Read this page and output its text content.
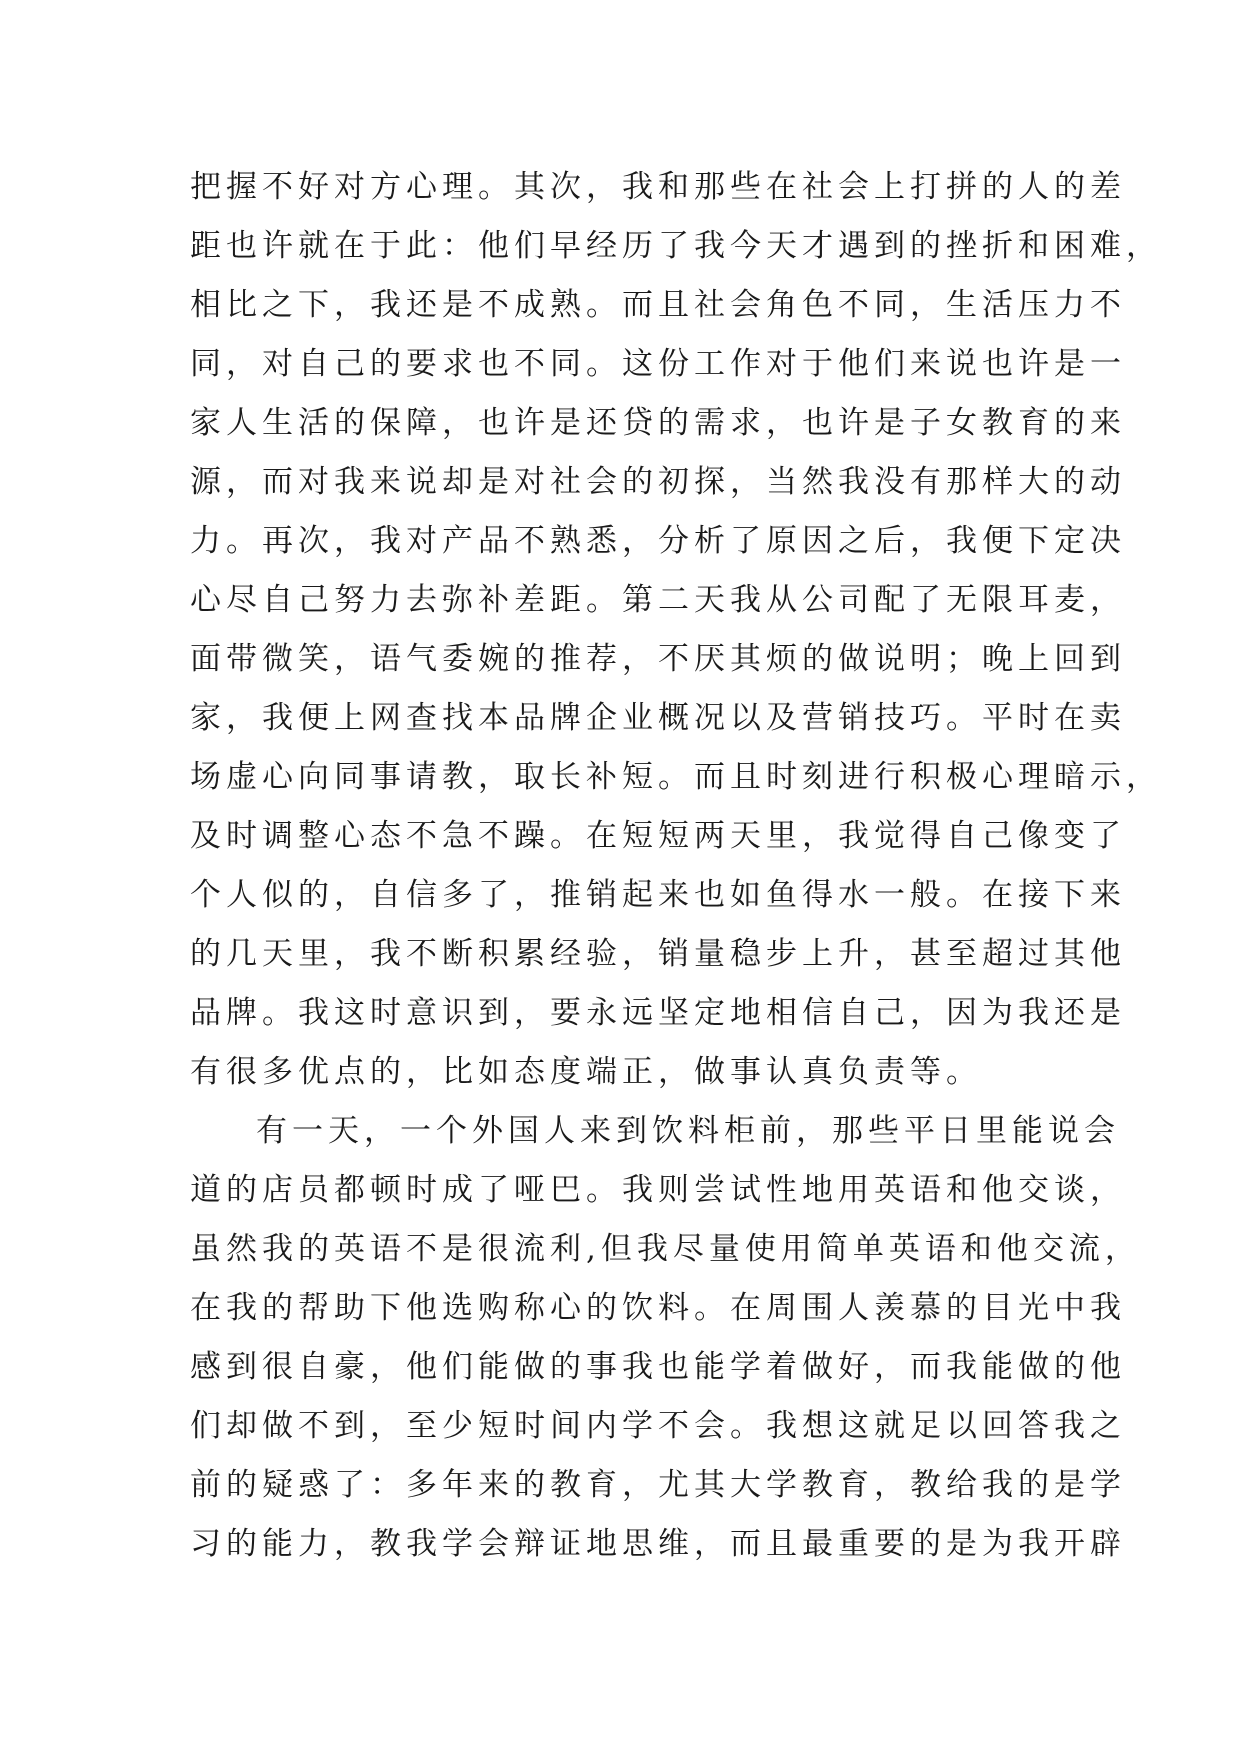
把握不好对方心理。其次，我和那些在社会上打拼的人的差
距也许就在于此：他们早经历了我今天才遇到的挫折和困难，
相比之下，我还是不成熟。而且社会角色不同，生活压力不
同，对自己的要求也不同。这份工作对于他们来说也许是一
家人生活的保障，也许是还贷的需求，也许是子女教育的来
源，而对我来说却是对社会的初探，当然我没有那样大的动
力。再次，我对产品不熟悉，分析了原因之后，我便下定决
心尽自己努力去弥补差距。第二天我从公司配了无限耳麦，
面带微笑，语气委婉的推荐，不厌其烦的做说明；晚上回到
家，我便上网查找本品牌企业概况以及营销技巧。平时在卖
场虚心向同事请教，取长补短。而且时刻进行积极心理暗示，
及时调整心态不急不躁。在短短两天里，我觉得自己像变了
个人似的，自信多了，推销起来也如鱼得水一般。在接下来
的几天里，我不断积累经验，销量稳步上升，甚至超过其他
品牌。我这时意识到，要永远坚定地相信自己，因为我还是
有很多优点的，比如态度端正，做事认真负责等。
有一天，一个外国人来到饮料柜前，那些平日里能说会
道的店员都顿时成了哑巴。我则尝试性地用英语和他交谈，
虽然我的英语不是很流利,但我尽量使用简单英语和他交流，
在我的帮助下他选购称心的饮料。在周围人羡慕的目光中我
感到很自豪，他们能做的事我也能学着做好，而我能做的他
们却做不到，至少短时间内学不会。我想这就足以回答我之
前的疑惑了：多年来的教育，尤其大学教育，教给我的是学
习的能力，教我学会辩证地思维，而且最重要的是为我开辟
